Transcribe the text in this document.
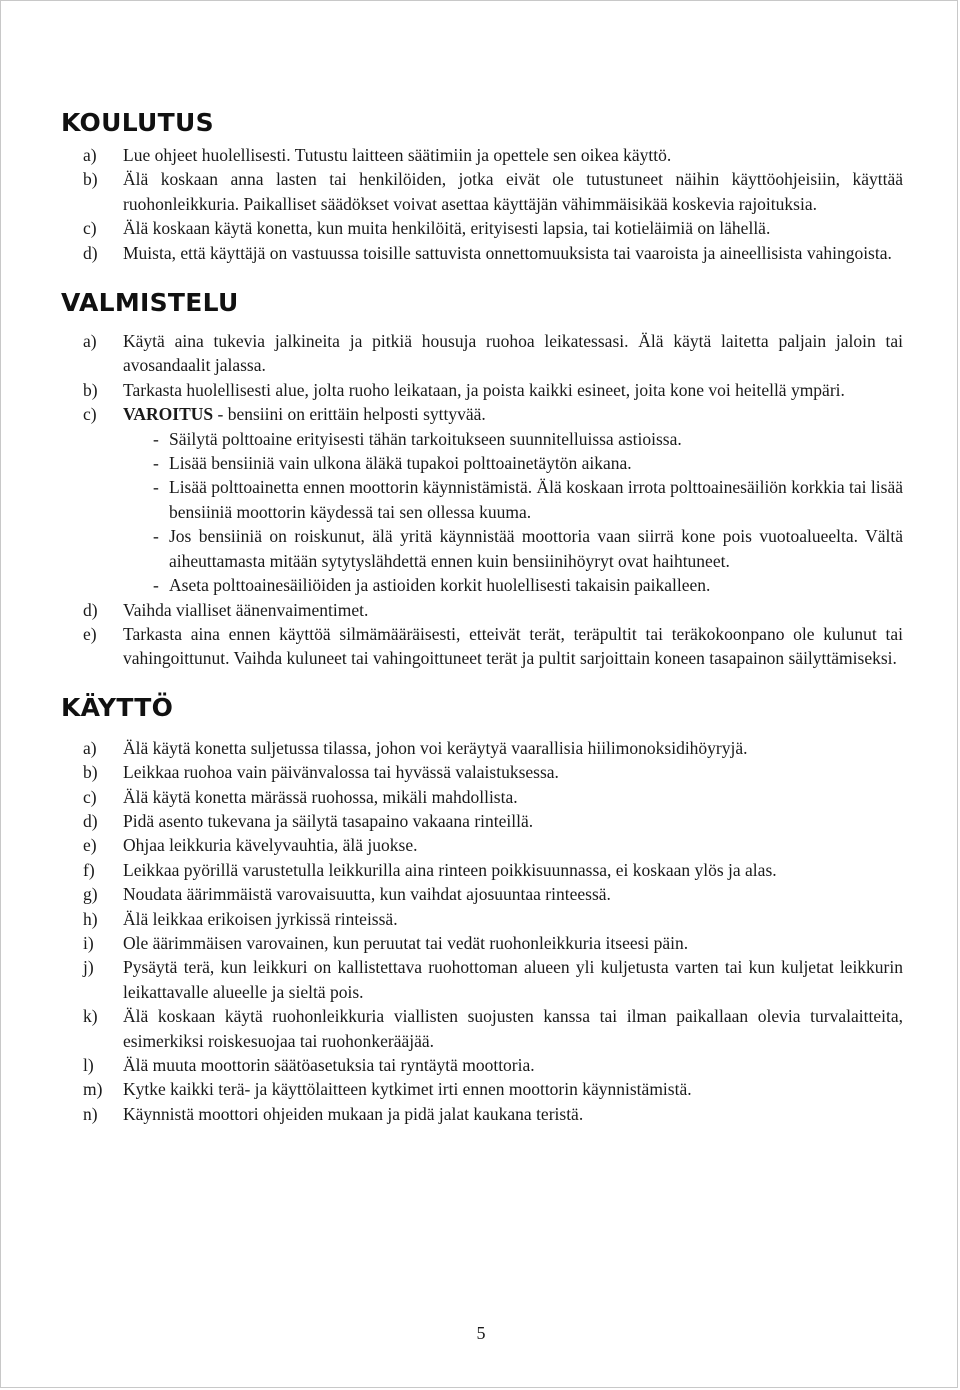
KOULUTUS
a) Lue ohjeet huolellisesti. Tutustu laitteen säätimiin ja opettele sen oikea käyttö.
b) Älä koskaan anna lasten tai henkilöiden, jotka eivät ole tutustuneet näihin käyttöohjeisiin, käyttää ruohonleikkuria. Paikalliset säädökset voivat asettaa käyttäjän vähimmäisikää koskevia rajoituksia.
c) Älä koskaan käytä konetta, kun muita henkilöitä, erityisesti lapsia, tai kotieläimiä on lähellä.
d) Muista, että käyttäjä on vastuussa toisille sattuvista onnettomuuksista tai vaaroista ja aineellisista vahingoista.
VALMISTELU
a) Käytä aina tukevia jalkineita ja pitkiä housuja ruohoa leikatessasi. Älä käytä laitetta paljain jaloin tai avosandaalit jalassa.
b) Tarkasta huolellisesti alue, jolta ruoho leikataan, ja poista kaikki esineet, joita kone voi heitellä ympäri.
c) VAROITUS - bensiini on erittäin helposti syttyvää.
- Säilytä polttoaine erityisesti tähän tarkoitukseen suunnitelluissa astioissa.
- Lisää bensiiniä vain ulkona äläkä tupakoi polttoainetäytön aikana.
- Lisää polttoainetta ennen moottorin käynnistämistä. Älä koskaan irrota polttoainesäiliön korkkia tai lisää bensiiniä moottorin käydessä tai sen ollessa kuuma.
- Jos bensiiniä on roiskunut, älä yritä käynnistää moottoria vaan siirrä kone pois vuotoalueelta. Vältä aiheuttamasta mitään sytytyslähdettä ennen kuin bensiinihöyryt ovat haihtuneet.
- Aseta polttoainesäiliöiden ja astioiden korkit huolellisesti takaisin paikalleen.
d) Vaihda vialliset äänenvaimentimet.
e) Tarkasta aina ennen käyttöä silmämääräisesti, etteivät terät, teräpultit tai teräkokoonpano ole kulunut tai vahingoittunut. Vaihda kuluneet tai vahingoittuneet terät ja pultit sarjoittain koneen tasapainon säilyttämiseksi.
KÄYTTÖ
a) Älä käytä konetta suljetussa tilassa, johon voi keräytyä vaarallisia hiilimonoksidihöyryjä.
b) Leikkaa ruohoa vain päivänvalossa tai hyvässä valaistuksessa.
c) Älä käytä konetta märässä ruohossa, mikäli mahdollista.
d) Pidä asento tukevana ja säilytä tasapaino vakaana rinteillä.
e) Ohjaa leikkuria kävelyvauhtia, älä juokse.
f) Leikkaa pyörillä varustetulla leikkurilla aina rinteen poikkisuunnassa, ei koskaan ylös ja alas.
g) Noudata äärimmäistä varovaisuutta, kun vaihdat ajosuuntaa rinteessä.
h) Älä leikkaa erikoisen jyrkissä rinteissä.
i) Ole äärimmäisen varovainen, kun peruutat tai vedät ruohonleikkuria itseesi päin.
j) Pysäytä terä, kun leikkuri on kallistettava ruohottoman alueen yli kuljetusta varten tai kun kuljetat leikkurin leikattavalle alueelle ja sieltä pois.
k) Älä koskaan käytä ruohonleikkuria viallisten suojusten kanssa tai ilman paikallaan olevia turvalaitteita, esimerkiksi roiskesuojaa tai ruohonkerääjää.
l) Älä muuta moottorin säätöasetuksia tai ryntäytä moottoria.
m) Kytke kaikki terä- ja käyttölaitteen kytkimet irti ennen moottorin käynnistämistä.
n) Käynnistä moottori ohjeiden mukaan ja pidä jalat kaukana teristä.
5
